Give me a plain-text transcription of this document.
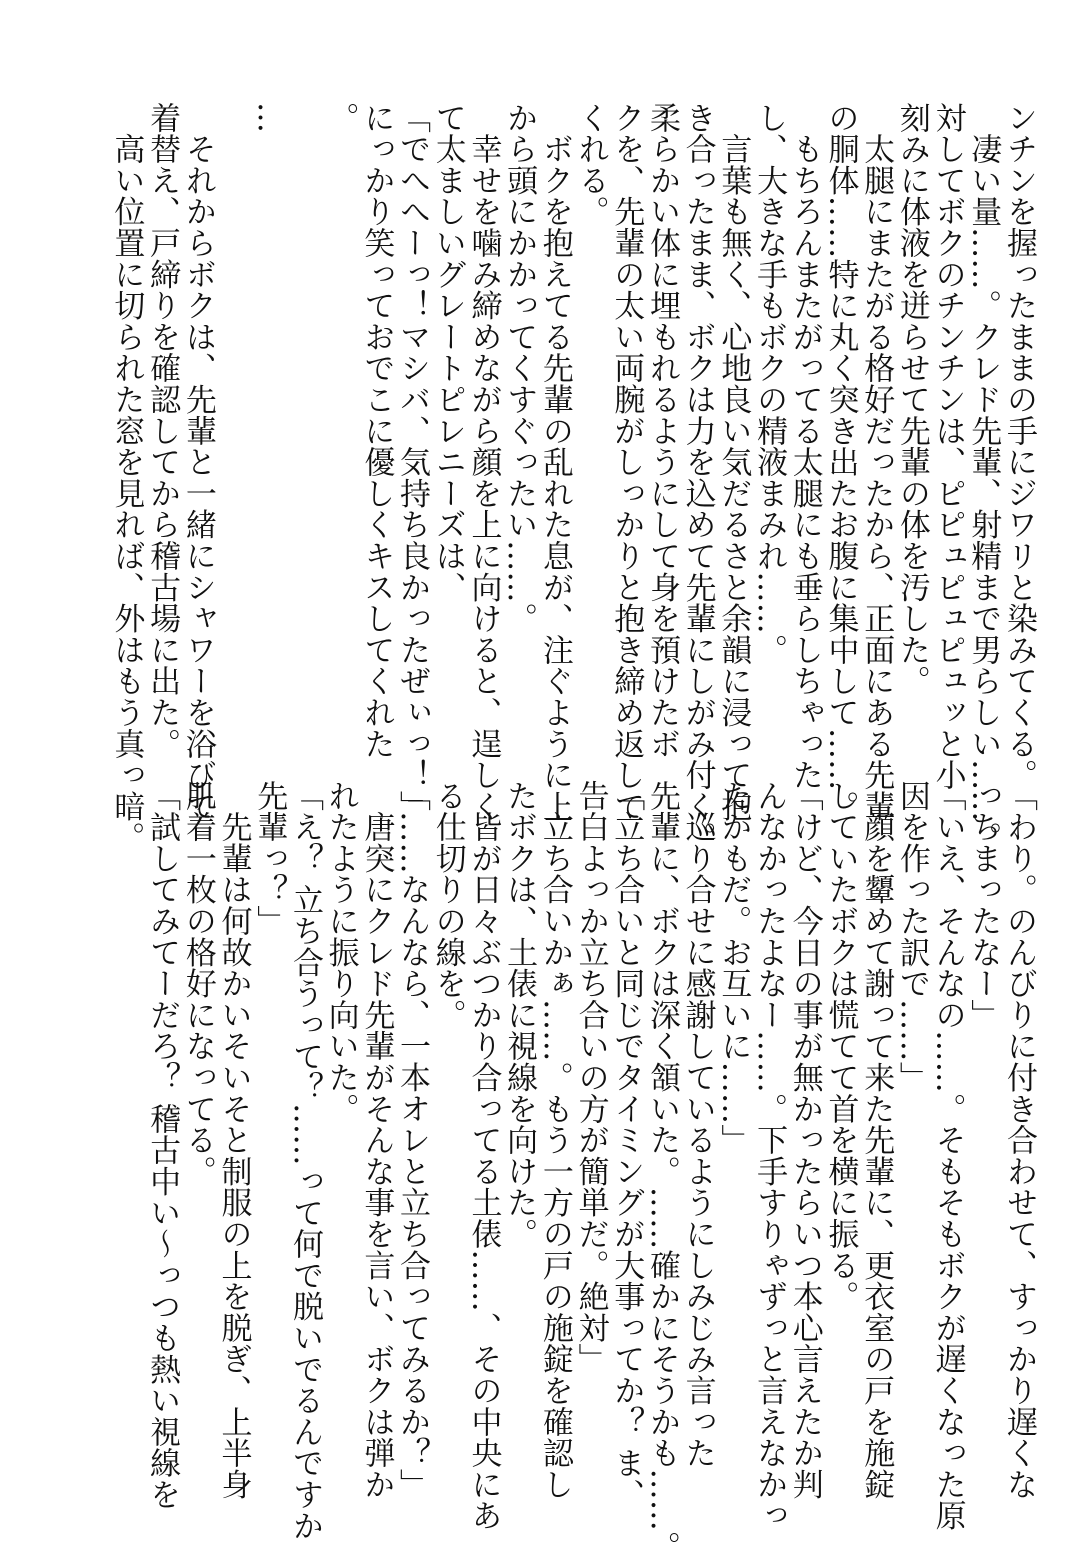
ンチンを握ったままの手にジワリと染みてくる。
　凄い量……。クレド先輩、射精まで男らしい……。
対してボクのチンチンは、ピピュピュピュッと小
刻みに体液を迸らせて先輩の体を汚した。
　太腿にまたがる格好だったから、正面にある先輩
の胴体……特に丸く突き出たお腹に集中して……。
　もちろんまたがってる太腿にも垂らしちゃった
し、大きな手もボクの精液まみれ……。
　言葉も無く、心地良い気だるさと余韻に浸って抱
き合ったまま、ボクは力を込めて先輩にしがみ付く。
柔らかい体に埋もれるようにして身を預けたボ
クを、先輩の太い両腕がしっかりと抱き締め返して
くれる。
　ボクを抱えてる先輩の乱れた息が、注ぐように上
から頭にかかってくすぐったい……。
　幸せを噛み締めながら顔を上に向けると、逞しく
て太ましいグレートピレニーズは、
「でへへーっ！マシバ、気持ち良かったぜぃっ！」
にっかり笑っておでこに優しくキスしてくれた
。

…

　それからボクは、先輩と一緒にシャワーを浴びて
着替え、戸締りを確認してから稽古場に出た。
　高い位置に切られた窓を見れば、外はもう真っ暗。
「わり。のんびりに付き合わせて、すっかり遅くな
っちまったなー」
「いえ、そんなの……。そもそもボクが遅くなった原
因を作った訳で……」
　顔を顰めて謝って来た先輩に、更衣室の戸を施錠
していたボクは慌てて首を横に振る。
「けど、今日の事が無かったらいつ本心言えたか判
んなかったよなー……。下手すりゃずっと言えなかっ
たかもだ。お互いに……」
　巡り合せに感謝しているようにしみじみ言った
先輩に、ボクは深く頷いた。……確かにそうかも……。
「立ち合いと同じでタイミングが大事ってか？ ま、
告白よっか立ち合いの方が簡単だ。絶対」
　立ち合いかぁ……。もう一方の戸の施錠を確認し
たボクは、土俵に視線を向けた。
　皆が日々ぶつかり合ってる土俵……、その中央にあ
る仕切りの線を。
「……なんなら、一本オレと立ち合ってみるか？」
　唐突にクレド先輩がそんな事を言い、ボクは弾か
れたように振り向いた。
「え？ 立ち合うって？……って何で脱いでるんですか
先輩っ？」
　先輩は何故かいそいそと制服の上を脱ぎ、上半身
肌着一枚の格好になってる。
「試してみてーだろ？ 稽古中い～っつも熱い視線を
